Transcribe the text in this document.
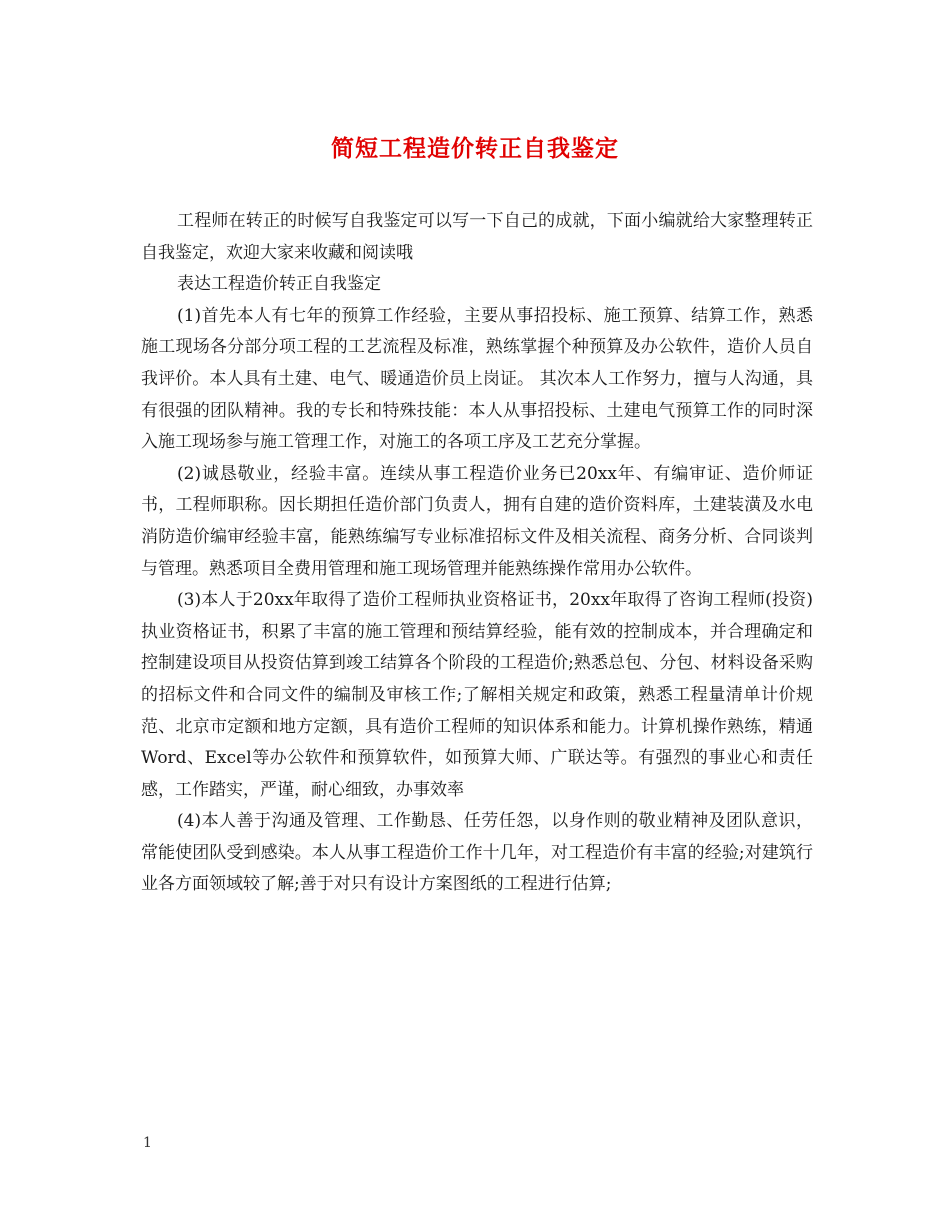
简短工程造价转正自我鉴定

工程师在转正的时候写自我鉴定可以写一下自己的成就，下面小编就给大家整理转正自我鉴定，欢迎大家来收藏和阅读哦

表达工程造价转正自我鉴定

(1)首先本人有七年的预算工作经验，主要从事招投标、施工预算、结算工作，熟悉施工现场各分部分项工程的工艺流程及标准，熟练掌握个种预算及办公软件，造价人员自我评价。本人具有土建、电气、暖通造价员上岗证。 其次本人工作努力，擅与人沟通，具有很强的团队精神。我的专长和特殊技能：本人从事招投标、土建电气预算工作的同时深入施工现场参与施工管理工作，对施工的各项工序及工艺充分掌握。

(2)诚恳敬业，经验丰富。连续从事工程造价业务已20xx年、有编审证、造价师证书，工程师职称。因长期担任造价部门负责人，拥有自建的造价资料库，土建装潢及水电消防造价编审经验丰富，能熟练编写专业标准招标文件及相关流程、商务分析、合同谈判与管理。熟悉项目全费用管理和施工现场管理并能熟练操作常用办公软件。

(3)本人于20xx年取得了造价工程师执业资格证书，20xx年取得了咨询工程师(投资)执业资格证书，积累了丰富的施工管理和预结算经验，能有效的控制成本，并合理确定和控制建设项目从投资估算到竣工结算各个阶段的工程造价;熟悉总包、分包、材料设备采购的招标文件和合同文件的编制及审核工作;了解相关规定和政策，熟悉工程量清单计价规范、北京市定额和地方定额，具有造价工程师的知识体系和能力。计算机操作熟练，精通Word、Excel等办公软件和预算软件，如预算大师、广联达等。有强烈的事业心和责任感，工作踏实，严谨，耐心细致，办事效率

(4)本人善于沟通及管理、工作勤恳、任劳任怨，以身作则的敬业精神及团队意识，常能使团队受到感染。本人从事工程造价工作十几年，对工程造价有丰富的经验;对建筑行业各方面领域较了解;善于对只有设计方案图纸的工程进行估算;

1
